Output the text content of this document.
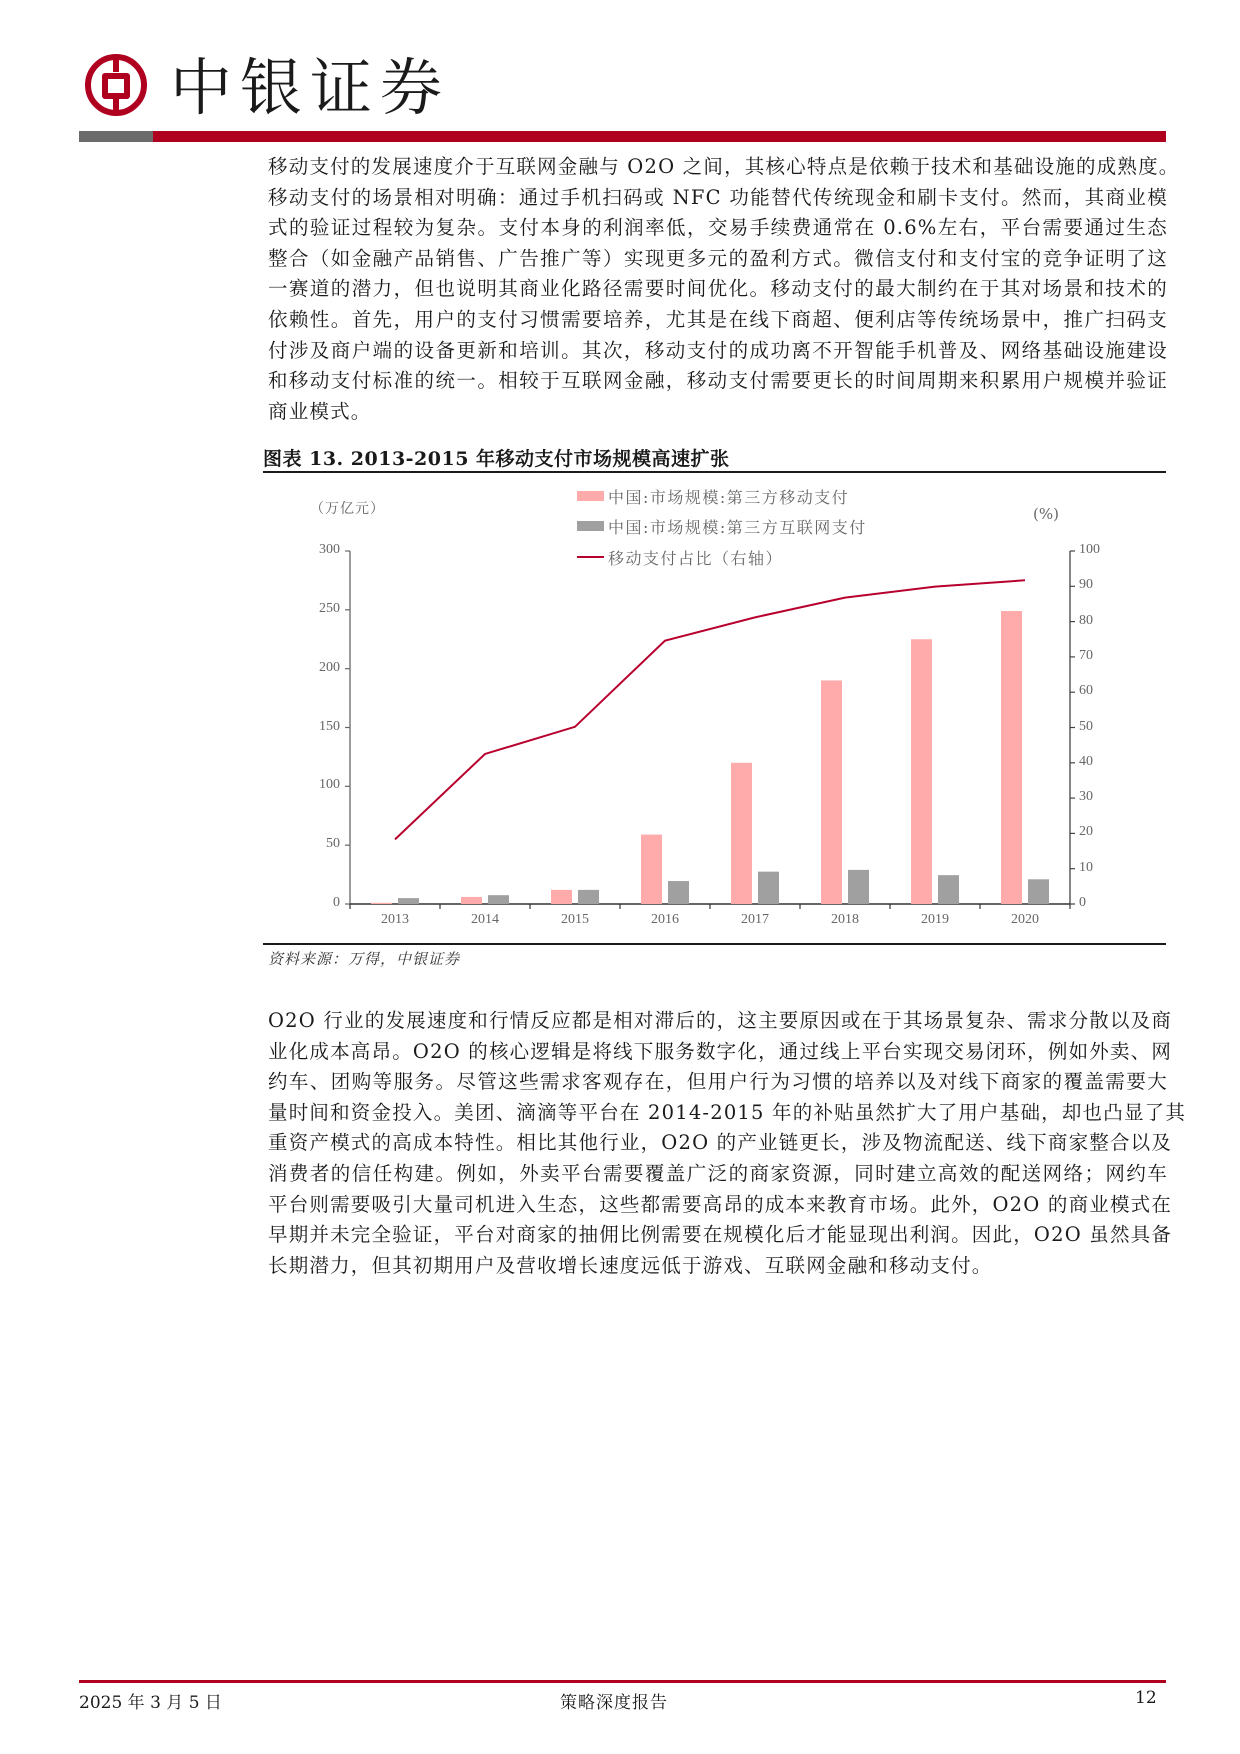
中银证券
移动支付的发展速度介于互联网金融与 O2O 之间，其核心特点是依赖于技术和基础设施的成熟度。
移动支付的场景相对明确：通过手机扫码或 NFC 功能替代传统现金和刷卡支付。然而，其商业模
式的验证过程较为复杂。支付本身的利润率低，交易手续费通常在 0.6%左右，平台需要通过生态
整合（如金融产品销售、广告推广等）实现更多元的盈利方式。微信支付和支付宝的竞争证明了这
一赛道的潜力，但也说明其商业化路径需要时间优化。移动支付的最大制约在于其对场景和技术的
依赖性。首先，用户的支付习惯需要培养，尤其是在线下商超、便利店等传统场景中，推广扫码支
付涉及商户端的设备更新和培训。其次，移动支付的成功离不开智能手机普及、网络基础设施建设
和移动支付标准的统一。相较于互联网金融，移动支付需要更长的时间周期来积累用户规模并验证
商业模式。
图表 13. 2013-2015 年移动支付市场规模高速扩张
中国:市场规模:第三方移动支付
中国:市场规模:第三方互联网支付
移动支付占比（右轴）
（万亿元）	(%)
0
50
100
150
200
250
300
0
10
20
30
40
50
60
70
80
90
100
2013	2014	2015	2016	2017	2018	2019	2020
资料来源：万得，中银证券
O2O 行业的发展速度和行情反应都是相对滞后的，这主要原因或在于其场景复杂、需求分散以及商
业化成本高昂。O2O 的核心逻辑是将线下服务数字化，通过线上平台实现交易闭环，例如外卖、网
约车、团购等服务。尽管这些需求客观存在，但用户行为习惯的培养以及对线下商家的覆盖需要大
量时间和资金投入。美团、滴滴等平台在 2014-2015 年的补贴虽然扩大了用户基础，却也凸显了其
重资产模式的高成本特性。相比其他行业，O2O 的产业链更长，涉及物流配送、线下商家整合以及
消费者的信任构建。例如，外卖平台需要覆盖广泛的商家资源，同时建立高效的配送网络；网约车
平台则需要吸引大量司机进入生态，这些都需要高昂的成本来教育市场。此外，O2O 的商业模式在
早期并未完全验证，平台对商家的抽佣比例需要在规模化后才能显现出利润。因此，O2O 虽然具备
长期潜力，但其初期用户及营收增长速度远低于游戏、互联网金融和移动支付。
2025 年 3 月 5 日	策略深度报告	12
